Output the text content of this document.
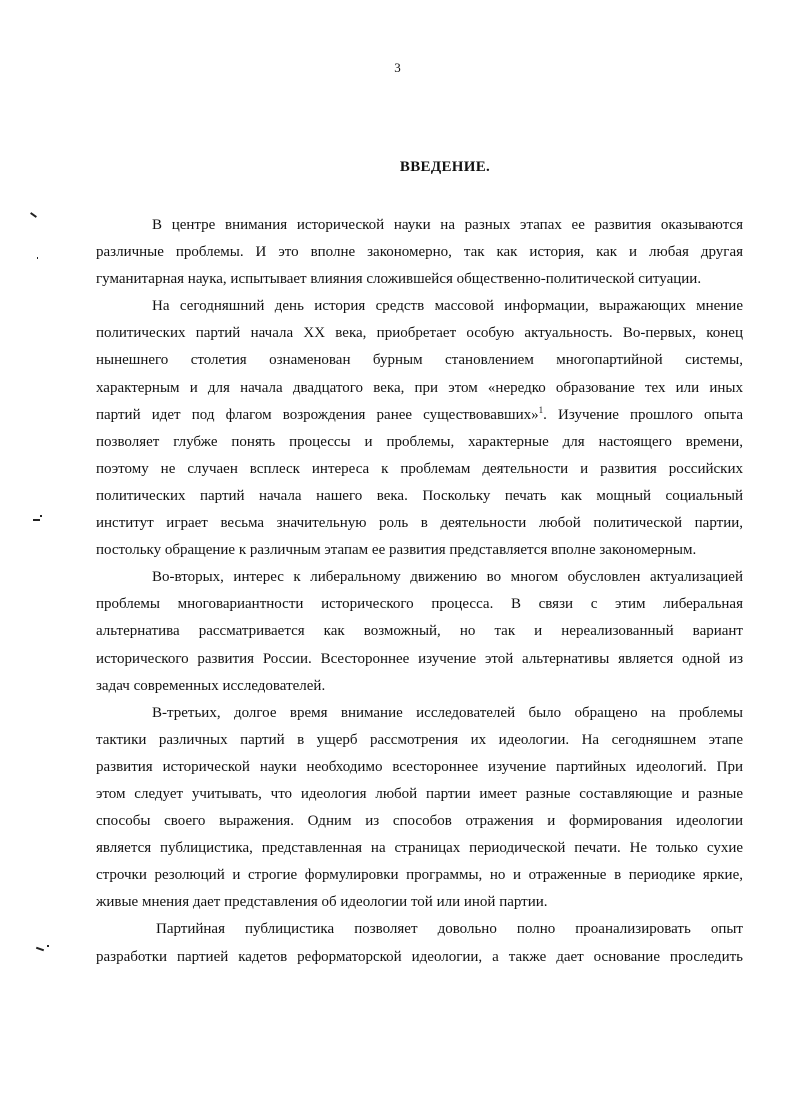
3
ВВЕДЕНИЕ.
В центре внимания исторической науки на разных этапах ее развития оказываются
различные проблемы. И это вполне закономерно, так как история, как и любая другая
гуманитарная наука, испытывает влияния сложившейся общественно-политической ситуации.
На сегодняшний день история средств массовой информации, выражающих мнение
политических партий начала XX века, приобретает особую актуальность. Во-первых, конец
нынешнего столетия ознаменован бурным становлением многопартийной системы,
характерным и для начала двадцатого века, при этом «нередко образование тех или иных
партий идет под флагом возрождения ранее существовавших»$^1$. Изучение прошлого опыта
позволяет глубже понять процессы и проблемы, характерные для настоящего времени,
поэтому не случаен всплеск интереса к проблемам деятельности и развития российских
политических партий начала нашего века. Поскольку печать как мощный социальный
институт играет весьма значительную роль в деятельности любой политической партии,
постольку обращение к различным этапам ее развития представляется вполне закономерным.
Во-вторых, интерес к либеральному движению во многом обусловлен актуализацией
проблемы многовариантности исторического процесса. В связи с этим либеральная
альтернатива рассматривается как возможный, но так и нереализованный вариант
исторического развития России. Всестороннее изучение этой альтернативы является одной из
задач современных исследователей.
В-третьих, долгое время внимание исследователей было обращено на проблемы
тактики различных партий в ущерб рассмотрения их идеологии. На сегодняшнем этапе
развития исторической науки необходимо всестороннее изучение партийных идеологий. При
этом следует учитывать, что идеология любой партии имеет разные составляющие и разные
способы своего выражения. Одним из способов отражения и формирования идеологии
является публицистика, представленная на страницах периодической печати. Не только сухие
строчки резолюций и строгие формулировки программы, но и отраженные в периодике яркие,
живые мнения дает представления об идеологии той или иной партии.
Партийная публицистика позволяет довольно полно проанализировать опыт
разработки партией кадетов реформаторской идеологии, а также дает основание проследить
